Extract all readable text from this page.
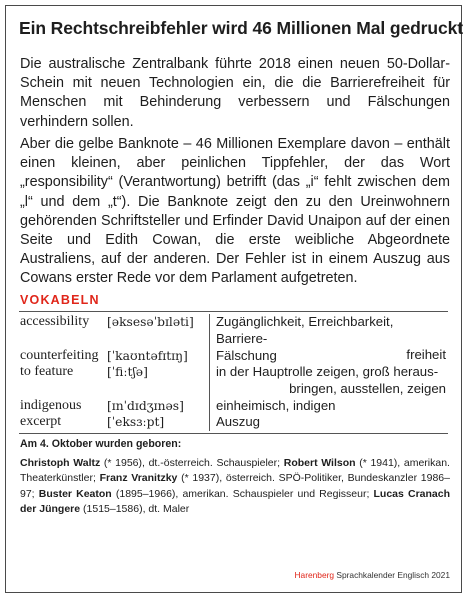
Ein Rechtschreibfehler wird 46 Millionen Mal gedruckt

Die australische Zentralbank führte 2018 einen neuen 50-Dollar-Schein mit neuen Technologien ein, die die Barrierefreiheit für Menschen mit Behinderung verbessern und Fälschungen verhindern sollen.

Aber die gelbe Banknote – 46 Millionen Exemplare davon – enthält einen kleinen, aber peinlichen Tippfehler, der das Wort „responsibility“ (Verantwortung) betrifft (das „i“ fehlt zwischen dem „l“ und dem „t“). Die Banknote zeigt den zu den Ureinwohnern gehörenden Schriftsteller und Erfinder David Unaipon auf der einen Seite und Edith Cowan, die erste weibliche Abgeordnete Australiens, auf der anderen. Der Fehler ist in einem Auszug aus Cowans erster Rede vor dem Parlament aufgetreten.

VOKABELN
accessibility [əksesəˈbɪləti] Zugänglichkeit, Erreichbarkeit, Barriere-
freiheit
counterfeiting [ˈkaʊntəfɪtɪŋ] Fälschung
to feature	[ˈfiːtʃə]	in der Hauptrolle zeigen, groß heraus-
bringen, ausstellen, zeigen
indigenous [ɪnˈdɪdʒɪnəs] einheimisch, indigen
excerpt	[ˈeksɜːpt]	Auszug
Am 4. Oktober wurden geboren:

Christoph Waltz (* 1956), dt.-österreich. Schauspieler; Robert Wilson (* 1941), amerikan. Theaterkünstler; Franz Vranitzky (* 1937), österreich. SPÖ-Politiker, Bundeskanzler 1986–97; Buster Keaton (1895–1966), amerikan. Schauspieler und Regisseur; Lucas Cranach der Jüngere (1515–1586), dt. Maler

Harenberg Sprachkalender Englisch 2021
